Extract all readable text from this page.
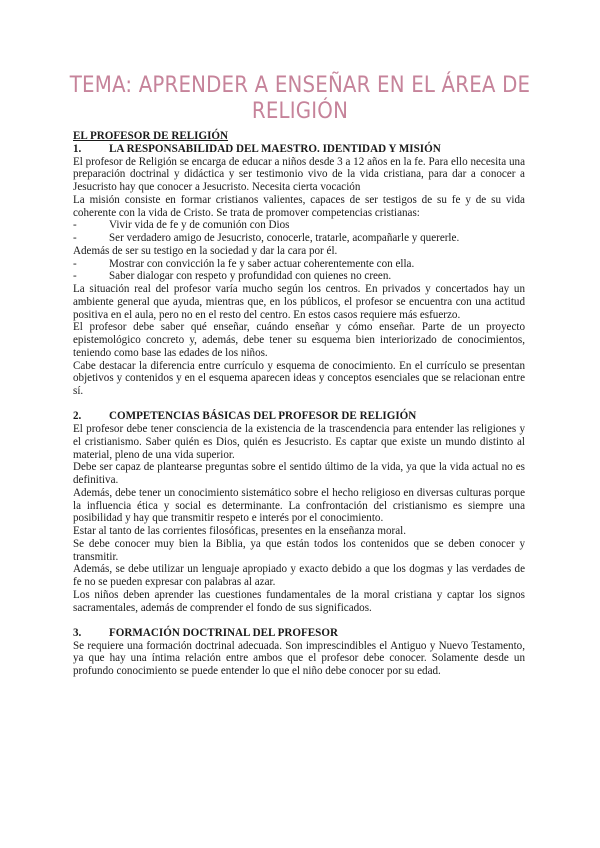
TEMA: APRENDER A ENSEÑAR EN EL ÁREA DE RELIGIÓN
EL PROFESOR DE RELIGIÓN
1. LA RESPONSABILIDAD DEL MAESTRO. IDENTIDAD Y MISIÓN

El profesor de Religión se encarga de educar a niños desde 3 a 12 años en la fe. Para ello necesita una preparación doctrinal y didáctica y ser testimonio vivo de la vida cristiana, para dar a conocer a Jesucristo hay que conocer a Jesucristo. Necesita cierta vocación

La misión consiste en formar cristianos valientes, capaces de ser testigos de su fe y de su vida coherente con la vida de Cristo. Se trata de promover competencias cristianas:

-	Vivir vida de fe y de comunión con Dios
-	Ser verdadero amigo de Jesucristo, conocerle, tratarle, acompañarle y quererle.

Además de ser su testigo en la sociedad y dar la cara por él.

-	Mostrar con convicción la fe y saber actuar coherentemente con ella.
-	Saber dialogar con respeto y profundidad con quienes no creen.

La situación real del profesor varía mucho según los centros. En privados y concertados hay un ambiente general que ayuda, mientras que, en los públicos, el profesor se encuentra con una actitud positiva en el aula, pero no en el resto del centro. En estos casos requiere más esfuerzo.

El profesor debe saber qué enseñar, cuándo enseñar y cómo enseñar. Parte de un proyecto epistemológico concreto y, además, debe tener su esquema bien interiorizado de conocimientos, teniendo como base las edades de los niños.

Cabe destacar la diferencia entre currículo y esquema de conocimiento. En el currículo se presentan objetivos y contenidos y en el esquema aparecen ideas y conceptos esenciales que se relacionan entre sí.

2. COMPETENCIAS BÁSICAS DEL PROFESOR DE RELIGIÓN

El profesor debe tener consciencia de la existencia de la trascendencia para entender las religiones y el cristianismo. Saber quién es Dios, quién es Jesucristo. Es captar que existe un mundo distinto al material, pleno de una vida superior.

Debe ser capaz de plantearse preguntas sobre el sentido último de la vida, ya que la vida actual no es definitiva.

Además, debe tener un conocimiento sistemático sobre el hecho religioso en diversas culturas porque la influencia ética y social es determinante. La confrontación del cristianismo es siempre una posibilidad y hay que transmitir respeto e interés por el conocimiento.

Estar al tanto de las corrientes filosóficas, presentes en la enseñanza moral.

Se debe conocer muy bien la Biblia, ya que están todos los contenidos que se deben conocer y transmitir.

Además, se debe utilizar un lenguaje apropiado y exacto debido a que los dogmas y las verdades de fe no se pueden expresar con palabras al azar.

Los niños deben aprender las cuestiones fundamentales de la moral cristiana y captar los signos sacramentales, además de comprender el fondo de sus significados.

3. FORMACIÓN DOCTRINAL DEL PROFESOR

Se requiere una formación doctrinal adecuada. Son imprescindibles el Antiguo y Nuevo Testamento, ya que hay una íntima relación entre ambos que el profesor debe conocer. Solamente desde un profundo conocimiento se puede entender lo que el niño debe conocer por su edad.
